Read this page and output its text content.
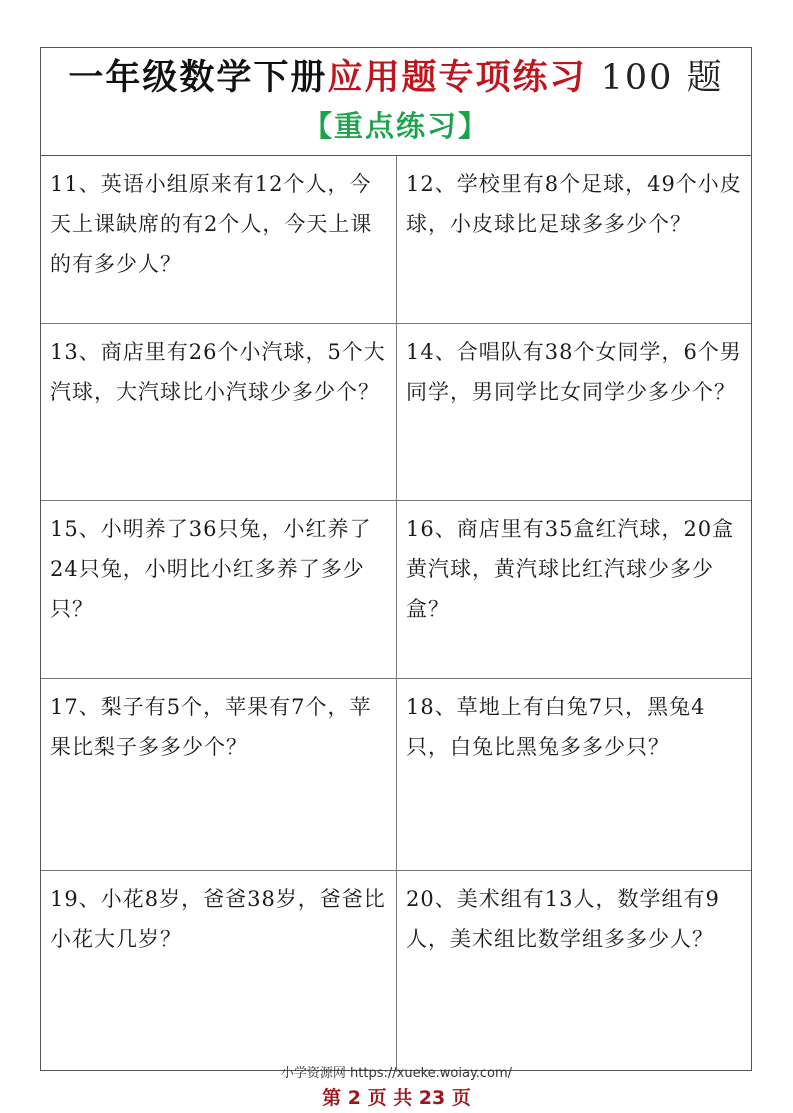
一年级数学下册应用题专项练习 100 题
【重点练习】
11、英语小组原来有12个人，今天上课缺席的有2个人，今天上课的有多少人？
12、学校里有8个足球，49个小皮球，小皮球比足球多多少个？
13、商店里有26个小汽球，5个大汽球，大汽球比小汽球少多少个？
14、合唱队有38个女同学，6个男同学，男同学比女同学少多少个？
15、小明养了36只兔，小红养了24只兔，小明比小红多养了多少只？
16、商店里有35盒红汽球，20盒黄汽球，黄汽球比红汽球少多少盒？
17、梨子有5个，苹果有7个，苹果比梨子多多少个？
18、草地上有白兔7只，黑兔4只，白兔比黑兔多多少只？
19、小花8岁，爸爸38岁，爸爸比小花大几岁？
20、美术组有13人，数学组有9人，美术组比数学组多多少人？
小学资源网 https://xueke.woiay.com/
第 2 页 共 23 页
